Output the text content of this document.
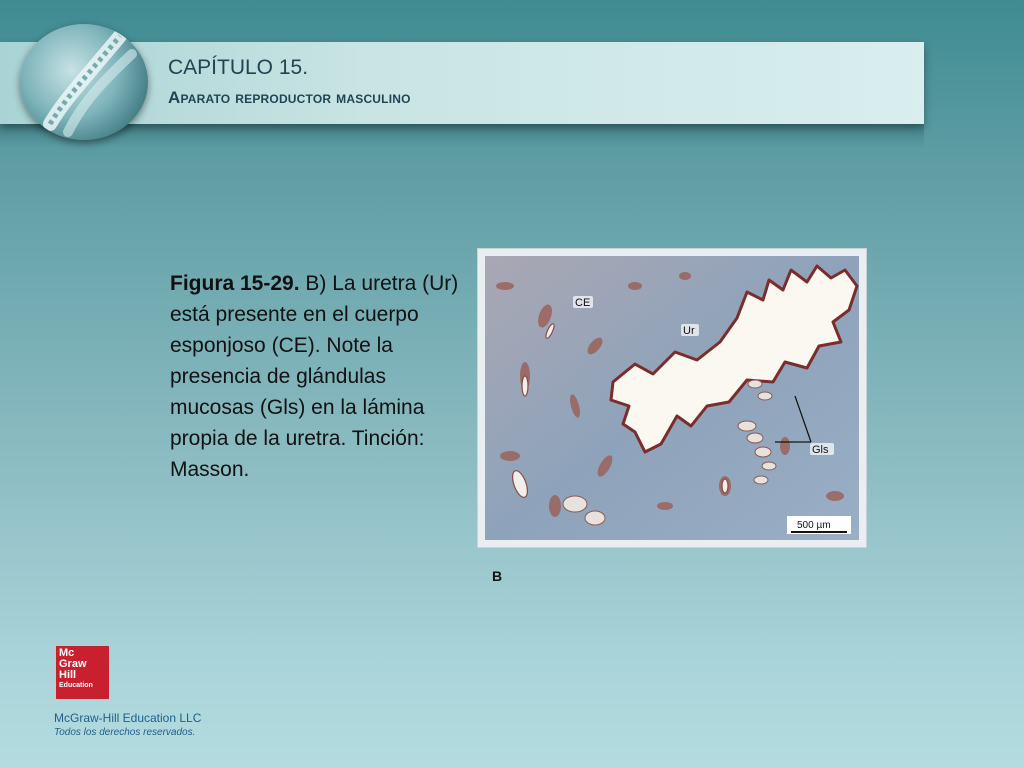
CAPÍTULO 15.
Aparato reproductor masculino
Figura 15-29. B) La uretra (Ur) está presente en el cuerpo esponjoso (CE). Note la presencia de glándulas mucosas (Gls) en la lámina propia de la uretra. Tinción: Masson.
CE
Ur
Gls
500 µm
B
Mc
Graw
Hill
Education
McGraw-Hill Education LLC
Todos los derechos reservados.
